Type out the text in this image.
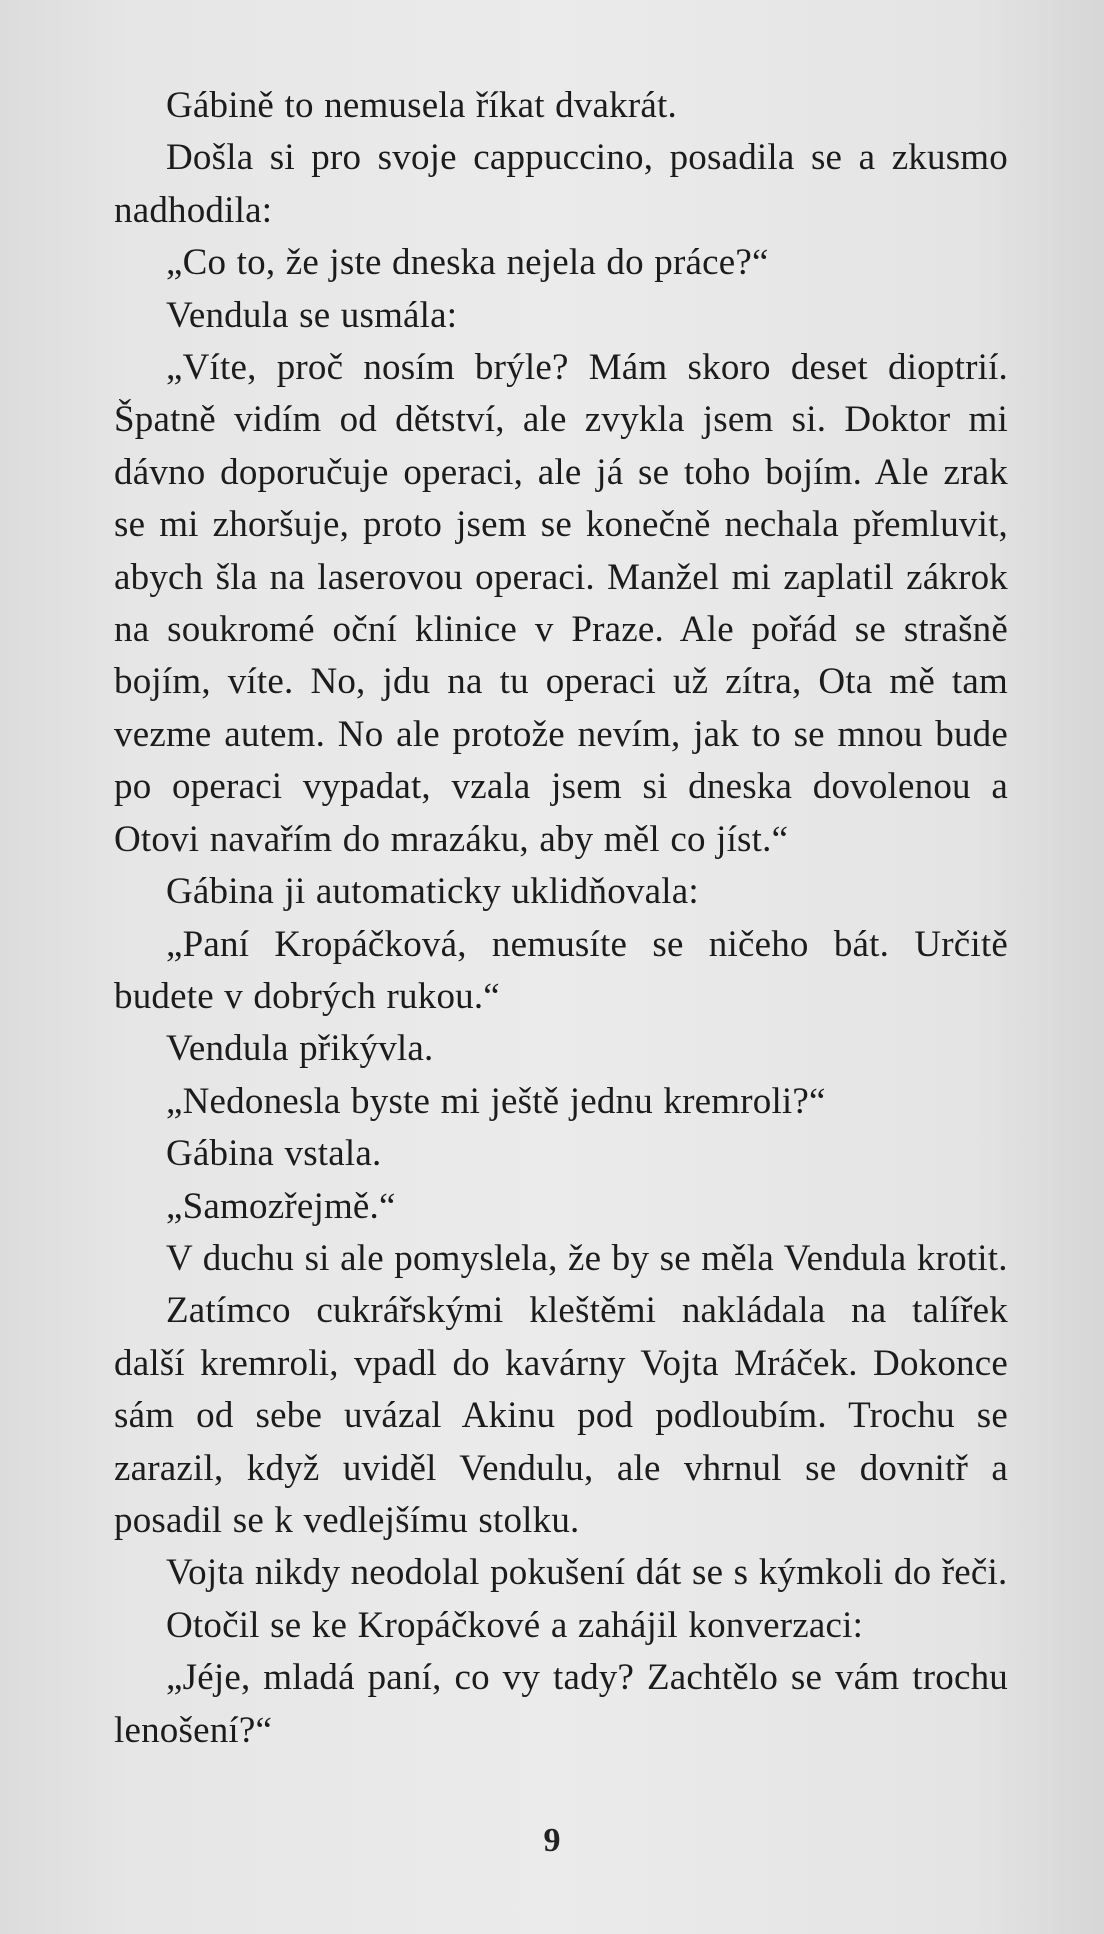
Gábině to nemusela říkat dvakrát.

Došla si pro svoje cappuccino, posadila se a zkusmo nadhodila:

„Co to, že jste dneska nejela do práce?“

Vendula se usmála:

„Víte, proč nosím brýle? Mám skoro deset dioptrií. Špatně vidím od dětství, ale zvykla jsem si. Doktor mi dávno doporučuje operaci, ale já se toho bojím. Ale zrak se mi zhoršuje, proto jsem se konečně nechala přemluvit, abych šla na laserovou operaci. Manžel mi zaplatil zákrok na soukromé oční klinice v Praze. Ale pořád se strašně bojím, víte. No, jdu na tu operaci už zítra, Ota mě tam vezme autem. No ale protože nevím, jak to se mnou bude po operaci vypadat, vzala jsem si dneska dovolenou a Otovi navařím do mrazáku, aby měl co jíst.“

Gábina ji automaticky uklidňovala:

„Paní Kropáčková, nemusíte se ničeho bát. Určitě budete v dobrých rukou.“

Vendula přikývla.

„Nedonesla byste mi ještě jednu kremroli?“

Gábina vstala.

„Samozřejmě.“

V duchu si ale pomyslela, že by se měla Vendula krotit.

Zatímco cukrářskými kleštěmi nakládala na talířek další kremroli, vpadl do kavárny Vojta Mráček. Dokonce sám od sebe uvázal Akinu pod podloubím. Trochu se zarazil, když uviděl Vendulu, ale vhrnul se dovnitř a posadil se k vedlejšímu stolku.

Vojta nikdy neodolal pokušení dát se s kýmkoli do řeči.

Otočil se ke Kropáčkové a zahájil konverzaci:

„Jéje, mladá paní, co vy tady? Zachtělo se vám trochu lenošení?“

9
